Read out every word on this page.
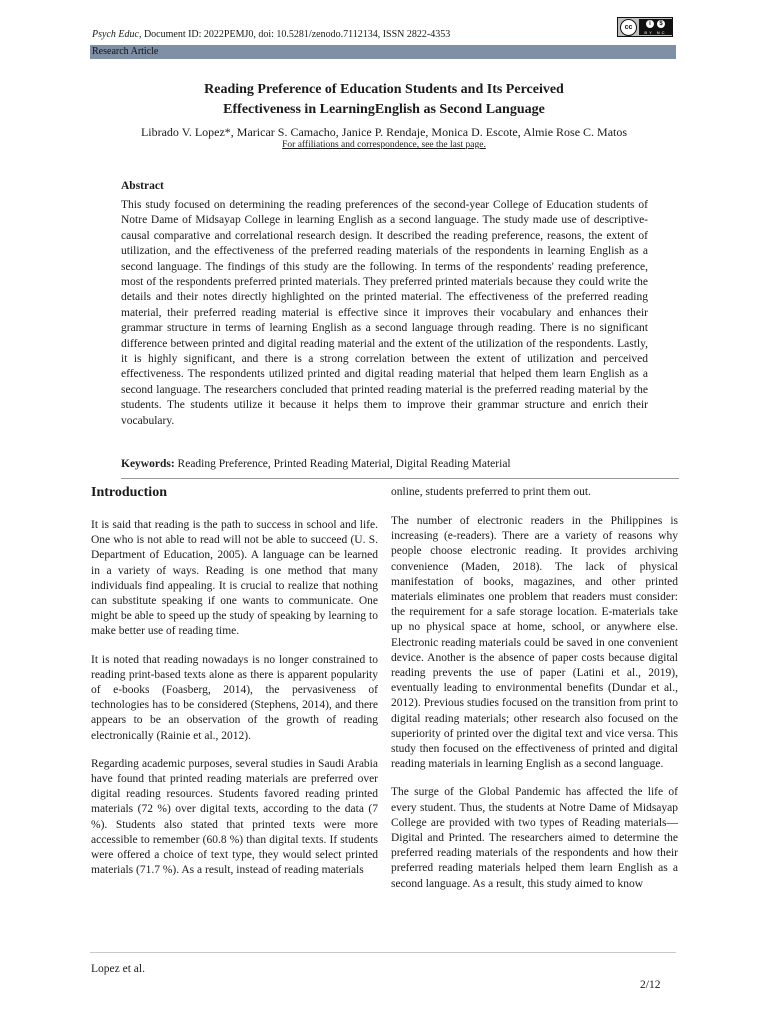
Psych Educ, Document ID: 2022PEMJ0, doi: 10.5281/zenodo.7112134, ISSN 2822-4353
cc	i	$
BY NC
Research Article
Reading Preference of Education Students and Its Perceived
Effectiveness in LearningEnglish as Second Language
Librado V. Lopez*, Maricar S. Camacho, Janice P. Rendaje, Monica D. Escote, Almie Rose C. Matos
For affiliations and correspondence, see the last page.
Abstract
This study focused on determining the reading preferences of the second-year College of Education students of Notre Dame of Midsayap College in learning English as a second language. The study made use of descriptive-causal comparative and correlational research design. It described the reading preference, reasons, the extent of utilization, and the effectiveness of the preferred reading materials of the respondents in learning English as a second language. The findings of this study are the following. In terms of the respondents' reading preference, most of the respondents preferred printed materials. They preferred printed materials because they could write the details and their notes directly highlighted on the printed material. The effectiveness of the preferred reading material, their preferred reading material is effective since it improves their vocabulary and enhances their grammar structure in terms of learning English as a second language through reading. There is no significant difference between printed and digital reading material and the extent of the utilization of the respondents. Lastly, it is highly significant, and there is a strong correlation between the extent of utilization and perceived effectiveness. The respondents utilized printed and digital reading material that helped them learn English as a second language. The researchers concluded that printed reading material is the preferred reading material by the students. The students utilize it because it helps them to improve their grammar structure and enrich their vocabulary.
Keywords: Reading Preference, Printed Reading Material, Digital Reading Material
Introduction	online, students preferred to print them out.

It is said that reading is the path to success in school and life. One who is not able to read will not be able to succeed (U. S. Department of Education, 2005). A language can be learned in a variety of ways. Reading is one method that many individuals find appealing. It is crucial to realize that nothing can substitute speaking if one wants to communicate. One might be able to speed up the study of speaking by learning to make better use of reading time.

It is noted that reading nowadays is no longer constrained to reading print-based texts alone as there is apparent popularity of e-books (Foasberg, 2014), the pervasiveness of technologies has to be considered (Stephens, 2014), and there appears to be an observation of the growth of reading electronically (Rainie et al., 2012).

Regarding academic purposes, several studies in Saudi Arabia have found that printed reading materials are preferred over digital reading resources. Students favored reading printed materials (72 %) over digital texts, according to the data (7 %). Students also stated that printed texts were more accessible to remember (60.8 %) than digital texts. If students were offered a choice of text type, they would select printed materials (71.7 %). As a result, instead of reading materials

The number of electronic readers in the Philippines is increasing (e-readers). There are a variety of reasons why people choose electronic reading. It provides archiving convenience (Maden, 2018). The lack of physical manifestation of books, magazines, and other printed materials eliminates one problem that readers must consider: the requirement for a safe storage location. E-materials take up no physical space at home, school, or anywhere else. Electronic reading materials could be saved in one convenient device. Another is the absence of paper costs because digital reading prevents the use of paper (Latini et al., 2019), eventually leading to environmental benefits (Dundar et al., 2012). Previous studies focused on the transition from print to digital reading materials; other research also focused on the superiority of printed over the digital text and vice versa. This study then focused on the effectiveness of printed and digital reading materials in learning English as a second language.

The surge of the Global Pandemic has affected the life of every student. Thus, the students at Notre Dame of Midsayap College are provided with two types of Reading materials— Digital and Printed. The researchers aimed to determine the preferred reading materials of the respondents and how their preferred reading materials helped them learn English as a second language. As a result, this study aimed to know

Lopez et al.
2/12
